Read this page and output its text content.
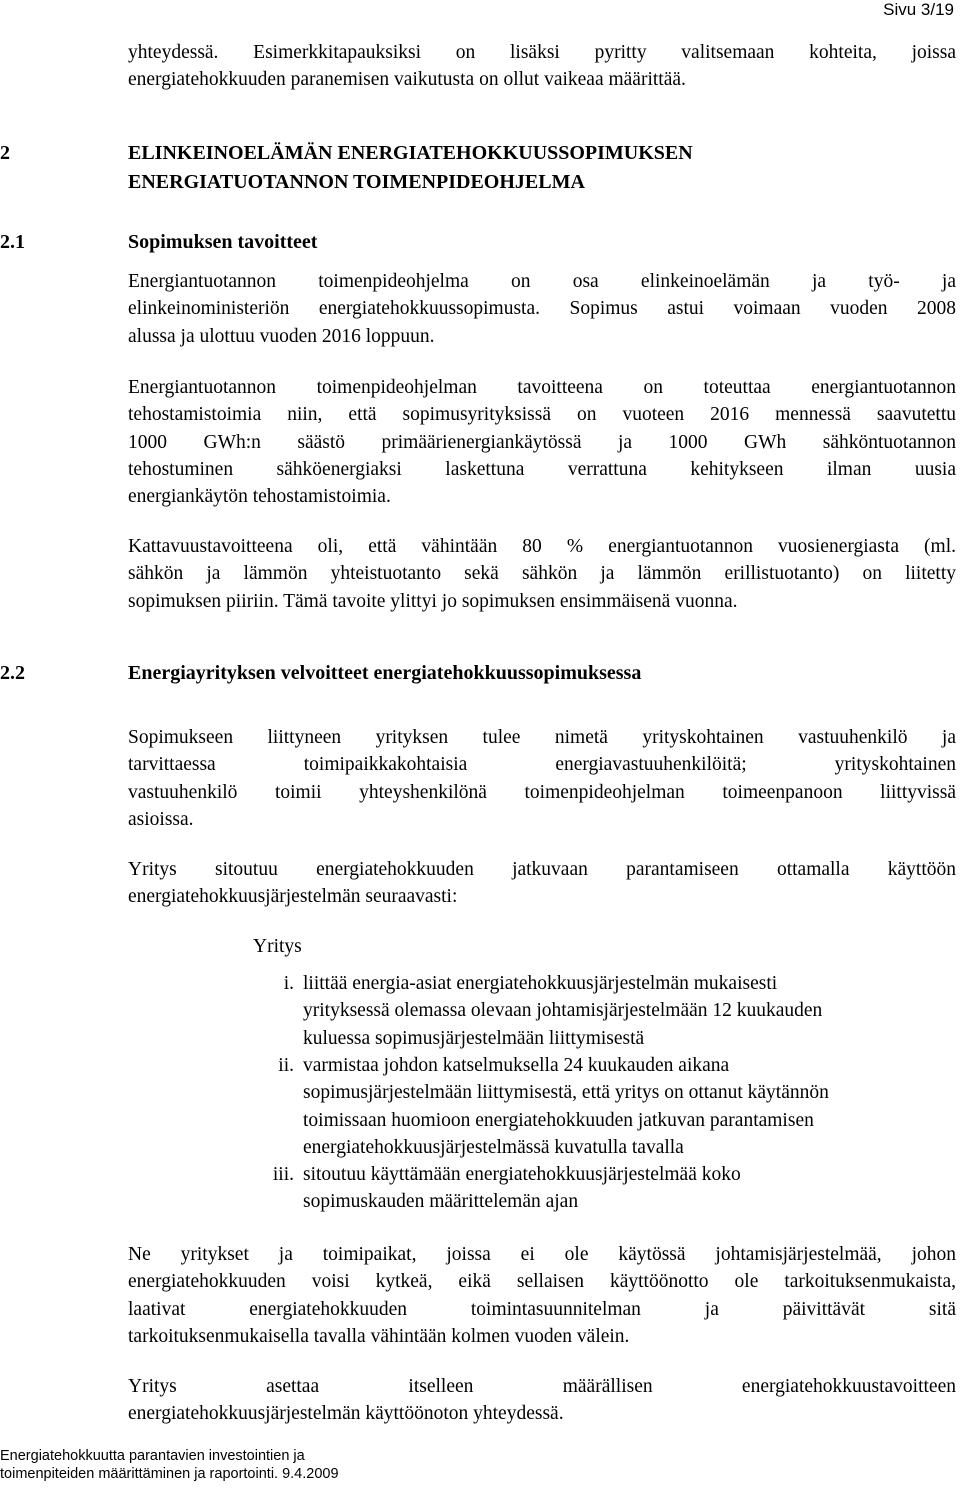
Sivu 3/19
yhteydessä. Esimerkkitapauksiksi on lisäksi pyritty valitsemaan kohteita, joissa
energiatehokkuuden paranemisen vaikutusta on ollut vaikeaa määrittää.
2	ELINKEINOELÄMÄN ENERGIATEHOKKUUSSOPIMUKSEN
ENERGIATUOTANNON TOIMENPIDEOHJELMA
2.1	Sopimuksen tavoitteet
Energiantuotannon toimenpideohjelma on osa elinkeinoelämän ja työ- ja
elinkeinoministeriön energiatehokkuussopimusta. Sopimus astui voimaan vuoden 2008
alussa ja ulottuu vuoden 2016 loppuun.
Energiantuotannon toimenpideohjelman tavoitteena on toteuttaa energiantuotannon
tehostamistoimia niin, että sopimusyrityksissä on vuoteen 2016 mennessä saavutettu
1000 GWh:n säästö primäärienergiankäytössä ja 1000 GWh sähköntuotannon
tehostuminen sähköenergiaksi laskettuna verrattuna kehitykseen ilman uusia
energiankäytön tehostamistoimia.
Kattavuustavoitteena oli, että vähintään 80 % energiantuotannon vuosienergiasta (ml.
sähkön ja lämmön yhteistuotanto sekä sähkön ja lämmön erillistuotanto) on liitetty
sopimuksen piiriin. Tämä tavoite ylittyi jo sopimuksen ensimmäisenä vuonna.
2.2	Energiayrityksen velvoitteet energiatehokkuussopimuksessa
Sopimukseen liittyneen yrityksen tulee nimetä yrityskohtainen vastuuhenkilö ja
tarvittaessa toimipaikkakohtaisia energiavastuuhenkilöitä; yrityskohtainen
vastuuhenkilö toimii yhteyshenkilönä toimenpideohjelman toimeenpanoon liittyvissä
asioissa.
Yritys sitoutuu energiatehokkuuden jatkuvaan parantamiseen ottamalla käyttöön
energiatehokkuusjärjestelmän seuraavasti:
Yritys
i. liittää energia-asiat energiatehokkuusjärjestelmän mukaisesti
yrityksessä olemassa olevaan johtamisjärjestelmään 12 kuukauden
kuluessa sopimusjärjestelmään liittymisestä
ii. varmistaa johdon katselmuksella 24 kuukauden aikana
sopimusjärjestelmään liittymisestä, että yritys on ottanut käytännön
toimissaan huomioon energiatehokkuuden jatkuvan parantamisen
energiatehokkuusjärjestelmässä kuvatulla tavalla
iii. sitoutuu käyttämään energiatehokkuusjärjestelmää koko
sopimuskauden määrittelemän ajan
Ne yritykset ja toimipaikat, joissa ei ole käytössä johtamisjärjestelmää, johon
energiatehokkuuden voisi kytkeä, eikä sellaisen käyttöönotto ole tarkoituksenmukaista,
laativat energiatehokkuuden toimintasuunnitelman ja päivittävät sitä
tarkoituksenmukaisella tavalla vähintään kolmen vuoden välein.
Yritys asettaa itselleen määrällisen energiatehokkuustavoitteen
energiatehokkuusjärjestelmän käyttöönoton yhteydessä.
Energiatehokkuutta parantavien investointien ja
toimenpiteiden määrittäminen ja raportointi. 9.4.2009
